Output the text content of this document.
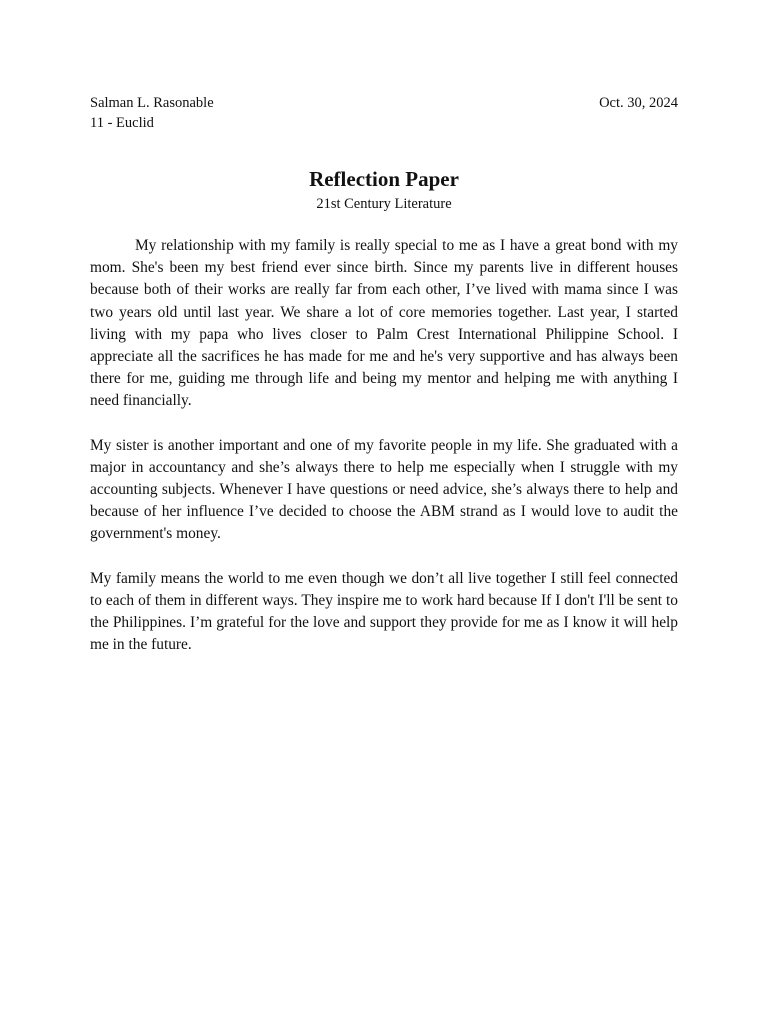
Salman L. Rasonable
11 - Euclid
Oct. 30, 2024
Reflection Paper
21st Century Literature

My relationship with my family is really special to me as I have a great bond with my mom. She's been my best friend ever since birth. Since my parents live in different houses because both of their works are really far from each other, I’ve lived with mama since I was two years old until last year. We share a lot of core memories together. Last year, I started living with my papa who lives closer to Palm Crest International Philippine School. I appreciate all the sacrifices he has made for me and he's very supportive and has always been there for me, guiding me through life and being my mentor and helping me with anything I need financially.

My sister is another important and one of my favorite people in my life. She graduated with a major in accountancy and she’s always there to help me especially when I struggle with my accounting subjects. Whenever I have questions or need advice, she’s always there to help and because of her influence I’ve decided to choose the ABM strand as I would love to audit the government's money.

My family means the world to me even though we don’t all live together I still feel connected to each of them in different ways. They inspire me to work hard because If I don't I'll be sent to the Philippines. I’m grateful for the love and support they provide for me as I know it will help me in the future.
